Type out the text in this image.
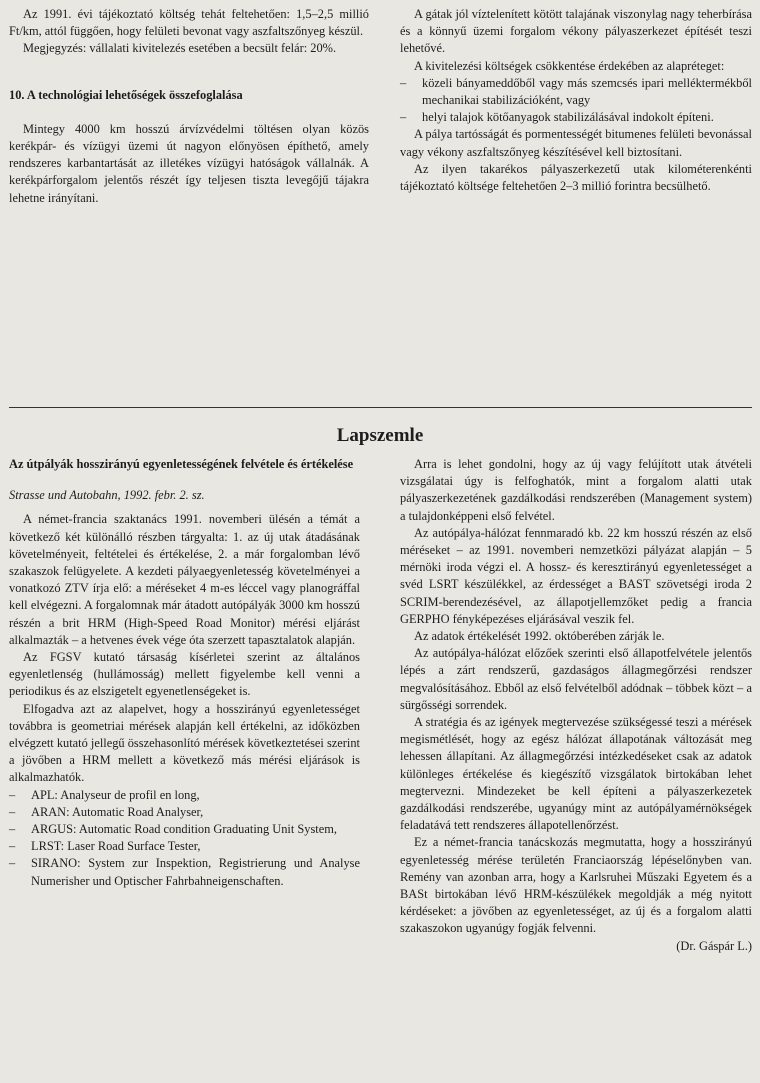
Az 1991. évi tájékoztató költség tehát feltehetően: 1,5–2,5 millió Ft/km, attól függően, hogy felületi bevonat vagy aszfaltszőnyeg készül.

Megjegyzés: vállalati kivitelezés esetében a becsült felár: 20%.

10. A technológiai lehetőségek összefoglalása

Mintegy 4000 km hosszú árvízvédelmi töltésen olyan közös kerékpár- és vízügyi üzemi út nagyon előnyösen építhető, amely rendszeres karbantartását az illetékes vízügyi hatóságok vállalnák. A kerékpárforgalom jelentős részét így teljesen tiszta levegőjű tájakra lehetne irányítani.

A gátak jól víztelenített kötött talajának viszonylag nagy teherbírása és a könnyű üzemi forgalom vékony pályaszerkezet építését teszi lehetővé.

A kivitelezési költségek csökkentése érdekében az alapréteget:

– közeli bányameddőből vagy más szemcsés ipari melléktermékből mechanikai stabilizációként, vagy
– helyi talajok kötőanyagok stabilizálásával indokolt építeni.

A pálya tartósságát és pormentességét bitumenes felületi bevonással vagy vékony aszfaltszőnyeg készítésével kell biztosítani.

Az ilyen takarékos pályaszerkezetű utak kilométerenkénti tájékoztató költsége feltehetően 2–3 millió forintra becsülhető.

Lapszemle

Az útpályák hosszirányú egyenletességének felvétele és értékelése

Strasse und Autobahn, 1992. febr. 2. sz.

A német-francia szaktanács 1991. novemberi ülésén a témát a következő két különálló részben tárgyalta: 1. az új utak átadásának követelményeit, feltételei és értékelése, 2. a már forgalomban lévő szakaszok felügyelete. A kezdeti pályaegyenletesség követelményei a vonatkozó ZTV írja elő: a méréseket 4 m-es léccel vagy planográffal kell elvégezni. A forgalomnak már átadott autópályák 3000 km hosszú részén a brit HRM (High-Speed Road Monitor) mérési eljárást alkalmazták – a hetvenes évek vége óta szerzett tapasztalatok alapján.

Az FGSV kutató társaság kísérletei szerint az általános egyenletlenség (hullámosság) mellett figyelembe kell venni a periodikus és az elszigetelt egyenetlenségeket is.

Elfogadva azt az alapelvet, hogy a hosszirányú egyenletességet továbbra is geometriai mérések alapján kell értékelni, az időközben elvégzett kutató jellegű összehasonlító mérések következtetései szerint a jövőben a HRM mellett a következő más mérési eljárások is alkalmazhatók.

– APL: Analyseur de profil en long,
– ARAN: Automatic Road Analyser,
– ARGUS: Automatic Road condition Graduating Unit System,
– LRST: Laser Road Surface Tester,
– SIRANO: System zur Inspektion, Registrierung und Analyse Numerisher und Optischer Fahrbahneigenschaften.

Arra is lehet gondolni, hogy az új vagy felújított utak átvételi vizsgálatai úgy is felfoghatók, mint a forgalom alatti utak pályaszerkezetének gazdálkodási rendszerében (Management system) a tulajdonképpeni első felvétel.

Az autópálya-hálózat fennmaradó kb. 22 km hosszú részén az első méréseket – az 1991. novemberi nemzetközi pályázat alapján – 5 mérnöki iroda végzi el. A hossz- és keresztirányú egyenletességet a svéd LSRT készülékkel, az érdességet a BAST szövetségi iroda 2 SCRIM-berendezésével, az állapotjellemzőket pedig a francia GERPHO fényképezéses eljárásával veszik fel.

Az adatok értékelését 1992. októberében zárják le.

Az autópálya-hálózat előzőek szerinti első állapotfelvétele jelentős lépés a zárt rendszerű, gazdaságos állagmegőrzési rendszer megvalósításához. Ebből az első felvételből adódnak – többek közt – a sürgősségi sorrendek.

A stratégia és az igények megtervezése szükségessé teszi a mérések megismétlését, hogy az egész hálózat állapotának változását meg lehessen állapítani. Az állagmegőrzési intézkedéseket csak az adatok különleges értékelése és kiegészítő vizsgálatok birtokában lehet megtervezni. Mindezeket be kell építeni a pályaszerkezetek gazdálkodási rendszerébe, ugyanúgy mint az autópályamérnökségek feladatává tett rendszeres állapotellenőrzést.

Ez a német-francia tanácskozás megmutatta, hogy a hosszirányú egyenletesség mérése területén Franciaország lépéselőnyben van. Remény van azonban arra, hogy a Karlsruhei Műszaki Egyetem és a BASt birtokában lévő HRM-készülékek megoldják a még nyitott kérdéseket: a jövőben az egyenletességet, az új és a forgalom alatti szakaszokon ugyanúgy fogják felvenni.

(Dr. Gáspár L.)
